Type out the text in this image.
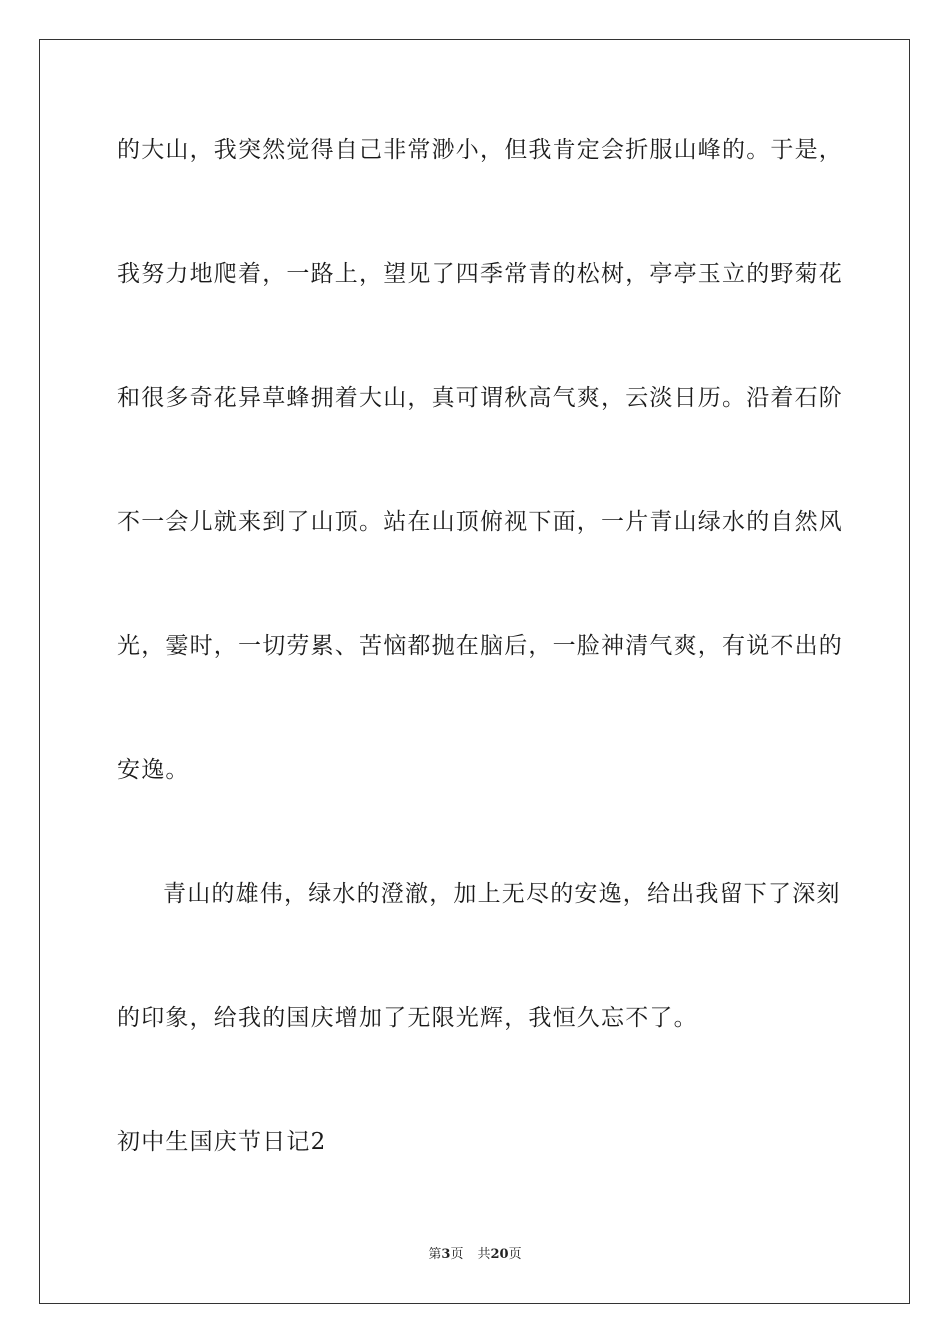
的大山，我突然觉得自己非常渺小，但我肯定会折服山峰的。于是，
我努力地爬着，一路上，望见了四季常青的松树，亭亭玉立的野菊花
和很多奇花异草蜂拥着大山，真可谓秋高气爽，云淡日历。沿着石阶
不一会儿就来到了山顶。站在山顶俯视下面，一片青山绿水的自然风
光，霎时，一切劳累、苦恼都抛在脑后，一脸神清气爽，有说不出的
安逸。
青山的雄伟，绿水的澄澈，加上无尽的安逸，给出我留下了深刻
的印象，给我的国庆增加了无限光辉，我恒久忘不了。
初中生国庆节日记2
第3页 共20页
